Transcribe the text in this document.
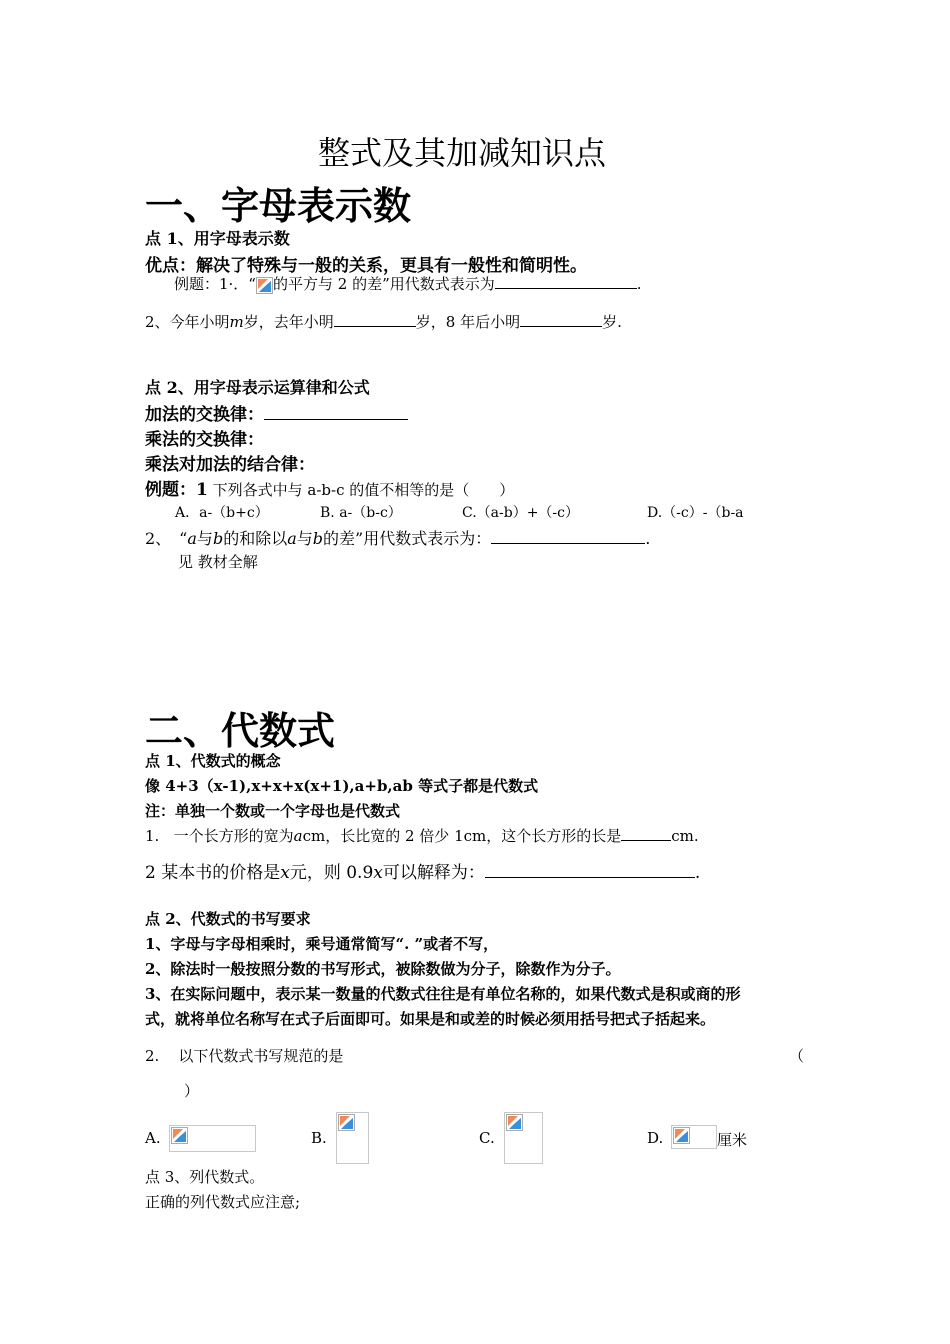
整式及其加减知识点
一、字母表示数
点 1、用字母表示数
优点：解决了特殊与一般的关系，更具有一般性和简明性。
例题：1·．“ 的平方与 2 的差”用代数式表示为	.
2、今年小明m岁，去年小明	岁，8 年后小明	岁.
点 2、用字母表示运算律和公式
加法的交换律：
乘法的交换律：
乘法对加法的结合律：
例题：1 下列各式中与 a-b-c 的值不相等的是（　　）
A．a-（b+c）	B. a-（b-c）	C.（a-b）+（-c）	D.（-c）-（b-a
2、　“a与b的和除以a与b的差”用代数式表示为：	.
见 教材全解
二、代数式
点 1、代数式的概念
像 4+3（x-1),x+x+x(x+1),a+b,ab 等式子都是代数式
注：单独一个数或一个字母也是代数式
1. 一个长方形的宽为acm，长比宽的 2 倍少 1cm，这个长方形的长是	cm.
2 某本书的价格是x元，则 0.9x可以解释为：	.
点 2、代数式的书写要求
1、字母与字母相乘时，乘号通常简写“. ”或者不写，
2、除法时一般按照分数的书写形式，被除数做为分子，除数作为分子。
3、在实际问题中，表示某一数量的代数式往往是有单位名称的，如果代数式是积或商的形
式，就将单位名称写在式子后面即可。如果是和或差的时候必须用括号把式子括起来。
2. 以下代数式书写规范的是	（
）
A.	B.	C.	D.	厘米
点 3、列代数式。
正确的列代数式应注意;
